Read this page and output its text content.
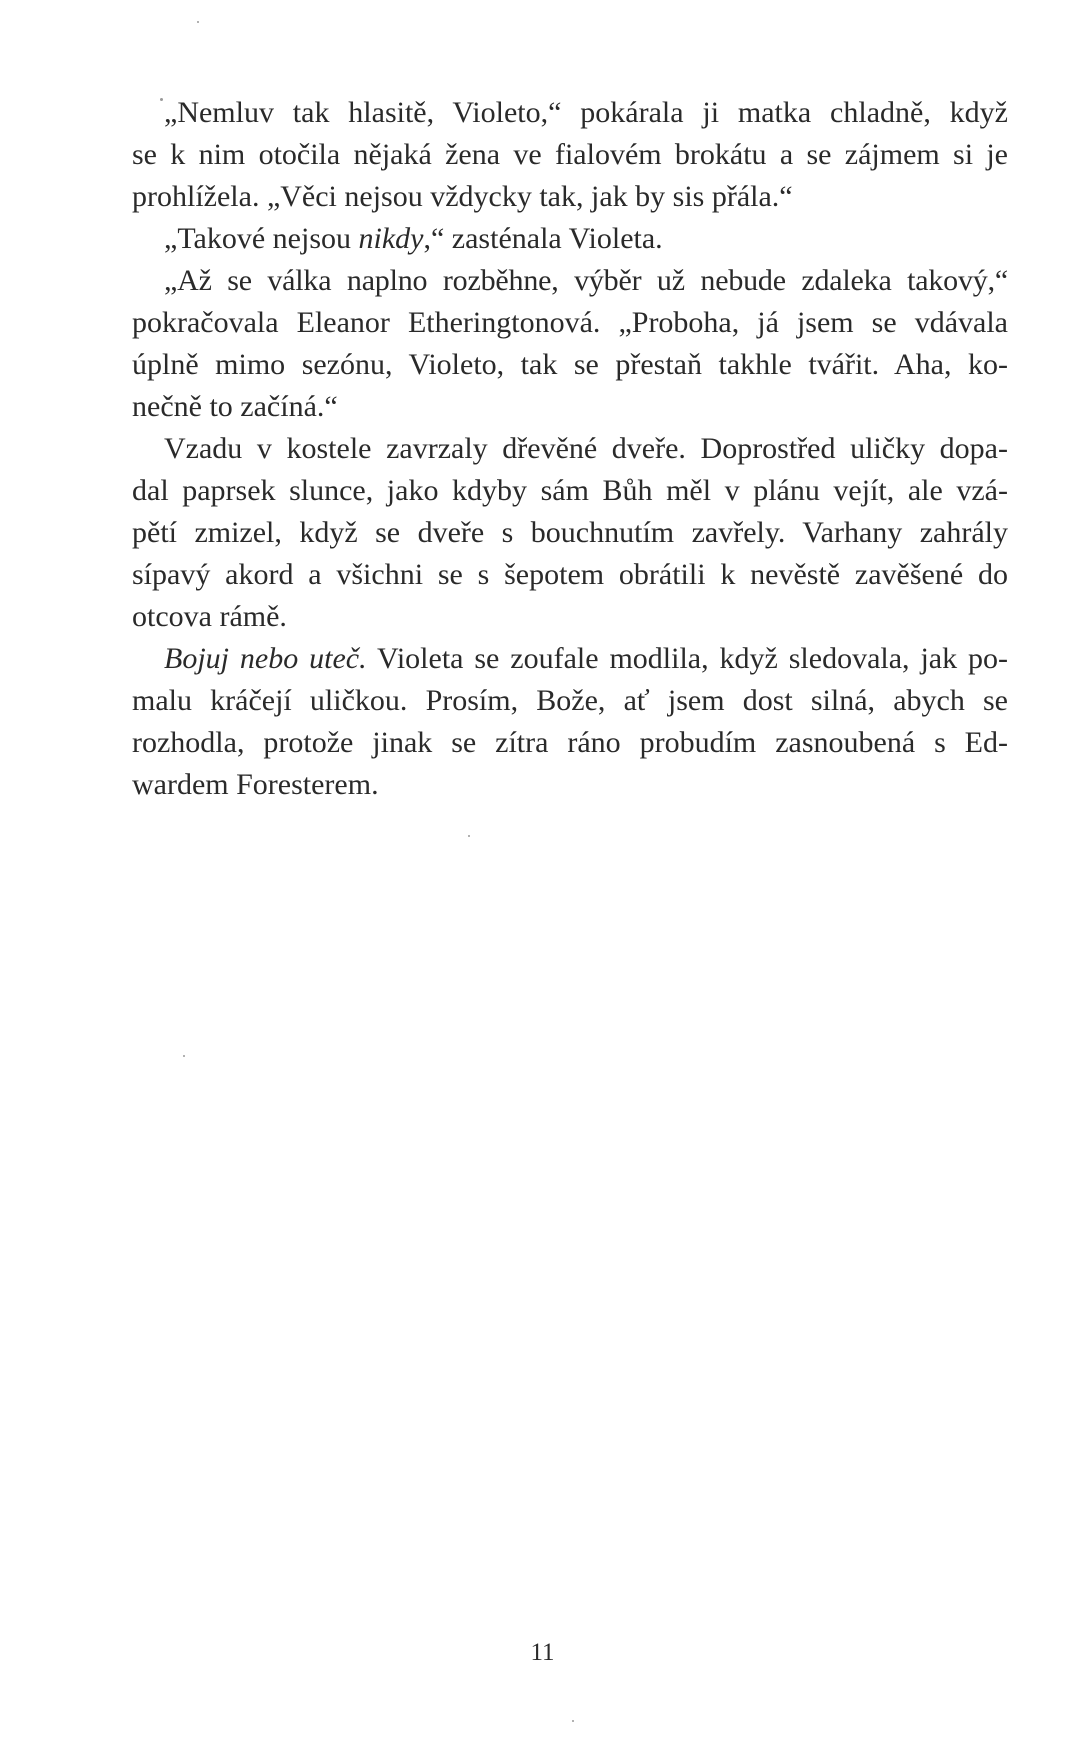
„Nemluv tak hlasitě, Violeto,“ pokárala ji matka chladně, když
se k nim otočila nějaká žena ve fialovém brokátu a se zájmem si je
prohlížela. „Věci nejsou vždycky tak, jak by sis přála.“
„Takové nejsou nikdy,“ zasténala Violeta.
„Až se válka naplno rozběhne, výběr už nebude zdaleka takový,“
pokračovala Eleanor Etheringtonová. „Proboha, já jsem se vdávala
úplně mimo sezónu, Violeto, tak se přestaň takhle tvářit. Aha, ko-
nečně to začíná.“
Vzadu v kostele zavrzaly dřevěné dveře. Doprostřed uličky dopa-
dal paprsek slunce, jako kdyby sám Bůh měl v plánu vejít, ale vzá-
pětí zmizel, když se dveře s bouchnutím zavřely. Varhany zahrály
sípavý akord a všichni se s šepotem obrátili k nevěstě zavěšené do
otcova rámě.
Bojuj nebo uteč. Violeta se zoufale modlila, když sledovala, jak po-
malu kráčejí uličkou. Prosím, Bože, ať jsem dost silná, abych se
rozhodla, protože jinak se zítra ráno probudím zasnoubená s Ed-
wardem Foresterem.
11
